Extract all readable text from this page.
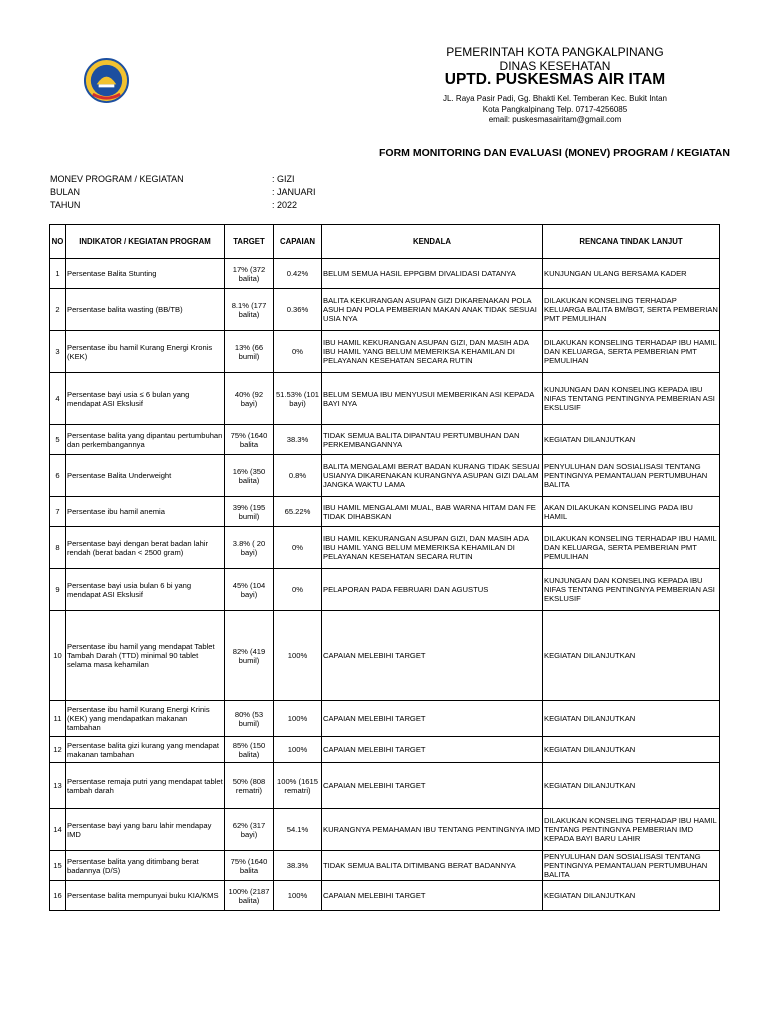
PEMERINTAH KOTA PANGKALPINANG
DINAS KESEHATAN
UPTD. PUSKESMAS AIR ITAM
JL. Raya Pasir Padi, Gg. Bhakti Kel. Temberan Kec. Bukit Intan
Kota Pangkalpinang Telp. 0717-4256085
email: puskesmasairitam@gmail.com
FORM MONITORING DAN EVALUASI (MONEV) PROGRAM / KEGIATAN
MONEV PROGRAM / KEGIATAN	: GIZI
BULAN	: JANUARI
TAHUN	: 2022
NO	INDIKATOR / KEGIATAN PROGRAM	TARGET	CAPAIAN	KENDALA	RENCANA TINDAK LANJUT
1	Persentase Balita Stunting	17% (372 balita)	0.42%	BELUM SEMUA HASIL EPPGBM DIVALIDASI DATANYA	KUNJUNGAN ULANG BERSAMA KADER
2	Persentase balita wasting (BB/TB)	8.1% (177 balita)	0.36%	BALITA KEKURANGAN ASUPAN GIZI DIKARENAKAN POLA ASUH DAN POLA PEMBERIAN MAKAN ANAK TIDAK SESUAI USIA NYA	DILAKUKAN KONSELING TERHADAP KELUARGA BALITA BM/BGT, SERTA PEMBERIAN PMT PEMULIHAN
3	Persentase ibu hamil Kurang Energi Kronis (KEK)	13% (66 bumil)	0%	IBU HAMIL KEKURANGAN ASUPAN GIZI, DAN MASIH ADA IBU HAMIL YANG BELUM MEMERIKSA KEHAMILAN DI PELAYANAN KESEHATAN SECARA RUTIN	DILAKUKAN KONSELING TERHADAP IBU HAMIL DAN KELUARGA, SERTA PEMBERIAN PMT PEMULIHAN
4	Persentase bayi usia ≤ 6 bulan yang mendapat ASI Ekslusif	40% (92 bayi)	51.53% (101 bayi)	BELUM SEMUA IBU MENYUSUI MEMBERIKAN ASI KEPADA BAYI NYA	KUNJUNGAN DAN KONSELING KEPADA IBU NIFAS TENTANG PENTINGNYA PEMBERIAN ASI EKSLUSIF
5	Persentase balita yang dipantau pertumbuhan dan perkembangannya	75% (1640 balita	38.3%	TIDAK SEMUA BALITA DIPANTAU PERTUMBUHAN DAN PERKEMBANGANNYA	KEGIATAN DILANJUTKAN
6	Persentase Balita Underweight	16% (350 balita)	0.8%	BALITA MENGALAMI BERAT BADAN KURANG TIDAK SESUAI USIANYA DIKARENAKAN KURANGNYA ASUPAN GIZI DALAM JANGKA WAKTU LAMA	PENYULUHAN DAN SOSIALISASI TENTANG PENTINGNYA PEMANTAUAN PERTUMBUHAN BALITA
7	Persentase ibu hamil anemia	39% (195 bumil)	65.22%	IBU HAMIL MENGALAMI MUAL, BAB WARNA HITAM DAN FE TIDAK DIHABSKAN	AKAN DILAKUKAN KONSELING PADA IBU HAMIL
8	Persentase bayi dengan berat badan lahir rendah (berat badan < 2500 gram)	3.8% ( 20 bayi)	0%	IBU HAMIL KEKURANGAN ASUPAN GIZI, DAN MASIH ADA IBU HAMIL YANG BELUM MEMERIKSA KEHAMILAN DI PELAYANAN KESEHATAN SECARA RUTIN	DILAKUKAN KONSELING TERHADAP IBU HAMIL DAN KELUARGA, SERTA PEMBERIAN PMT PEMULIHAN
9	Persentase bayi usia bulan 6 bi yang mendapat ASI Ekslusif	45% (104 bayi)	0%	PELAPORAN PADA FEBRUARI DAN AGUSTUS	KUNJUNGAN DAN KONSELING KEPADA IBU NIFAS TENTANG PENTINGNYA PEMBERIAN ASI EKSLUSIF
10	Persentase ibu hamil yang mendapat Tablet Tambah Darah (TTD) minimal 90 tablet selama masa kehamilan	82% (419 bumil)	100%	CAPAIAN MELEBIHI TARGET	KEGIATAN DILANJUTKAN
11	Persentase ibu hamil Kurang Energi Krinis (KEK) yang mendapatkan makanan tambahan	80% (53 bumil)	100%	CAPAIAN MELEBIHI TARGET	KEGIATAN DILANJUTKAN
12	Persentase balita gizi kurang yang mendapat makanan tambahan	85% (150 balita)	100%	CAPAIAN MELEBIHI TARGET	KEGIATAN DILANJUTKAN
13	Persentase remaja putri yang mendapat tablet tambah darah	50% (808 rematri)	100% (1615 rematri)	CAPAIAN MELEBIHI TARGET	KEGIATAN DILANJUTKAN
14	Persentase bayi yang baru lahir mendapay IMD	62% (317 bayi)	54.1%	KURANGNYA PEMAHAMAN IBU TENTANG PENTINGNYA IMD	DILAKUKAN KONSELING TERHADAP IBU HAMIL TENTANG PENTINGNYA PEMBERIAN IMD KEPADA BAYI BARU LAHIR
15	Persentase balita yang ditimbang berat badannya (D/S)	75% (1640 balita	38.3%	TIDAK SEMUA BALITA DITIMBANG BERAT BADANNYA	PENYULUHAN DAN SOSIALISASI TENTANG PENTINGNYA PEMANTAUAN PERTUMBUHAN BALITA
16	Persentase balita mempunyai buku KIA/KMS	100% (2187 balita)	100%	CAPAIAN MELEBIHI TARGET	KEGIATAN DILANJUTKAN
